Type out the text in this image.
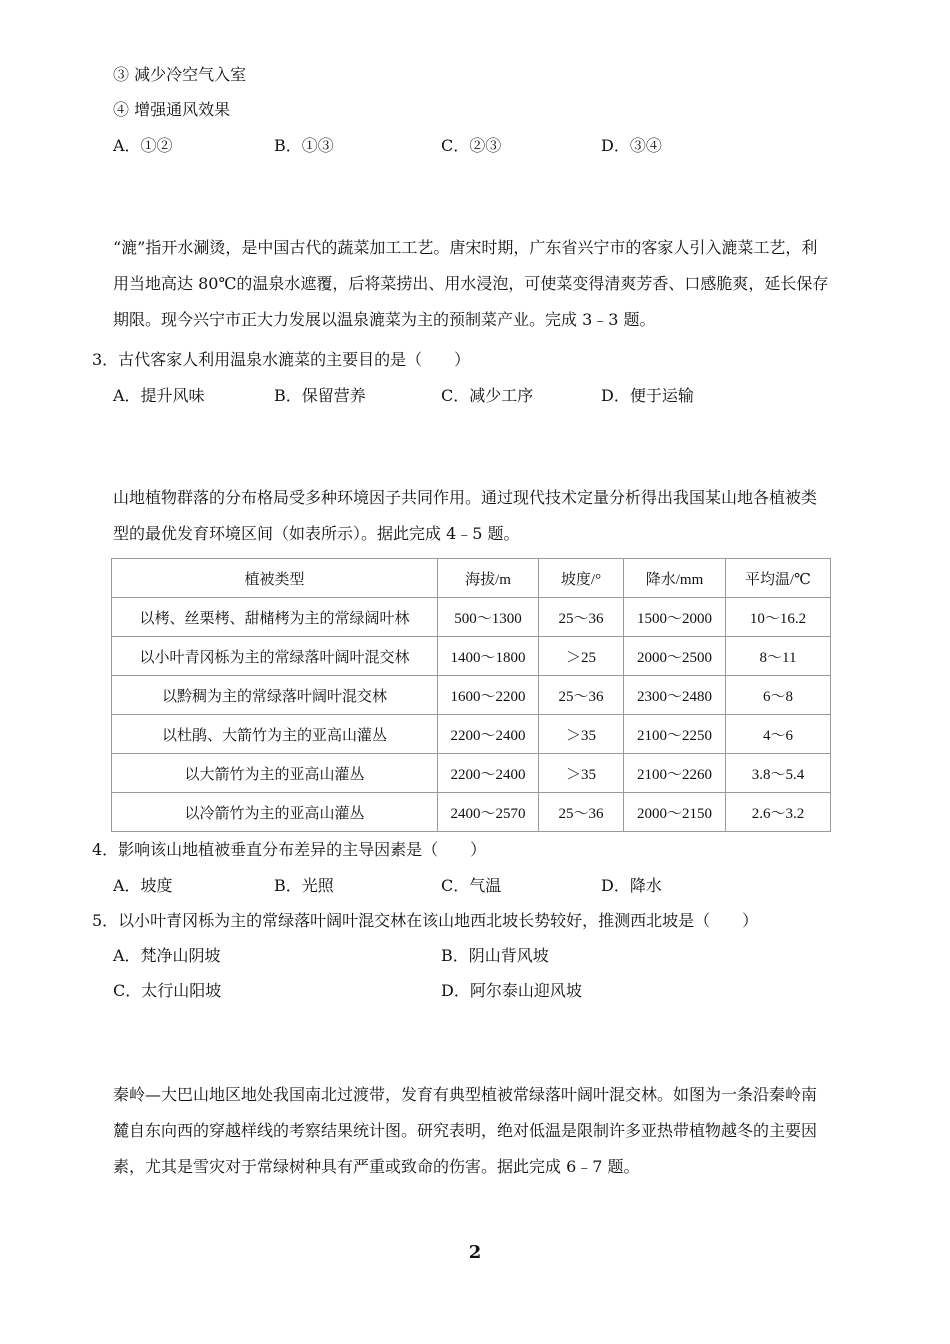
③ 减少冷空气入室
④ 增强通风效果
A．①②	B．①③	C．②③	D．③④

“漉”指开水涮烫，是中国古代的蔬菜加工工艺。唐宋时期，广东省兴宁市的客家人引入漉菜工艺，利

用当地高达 80℃的温泉水遮覆，后将菜捞出、用水浸泡，可使菜变得清爽芳香、口感脆爽，延长保存

期限。现今兴宁市正大力发展以温泉漉菜为主的预制菜产业。完成 3﹣3 题。

3．古代客家人利用温泉水漉菜的主要目的是（　　）
A．提升风味	B．保留营养	C．减少工序	D．便于运输

山地植物群落的分布格局受多种环境因子共同作用。通过现代技术定量分析得出我国某山地各植被类

型的最优发育环境区间（如表所示）。据此完成 4﹣5 题。

植被类型	海拔/m	坡度/°	降水/mm	平均温/℃
以栲、丝栗栲、甜槠栲为主的常绿阔叶林	500～1300	25～36	1500～2000	10～16.2
以小叶青冈栎为主的常绿落叶阔叶混交林	1400～1800	＞25	2000～2500	8～11
以黔稠为主的常绿落叶阔叶混交林	1600～2200	25～36	2300～2480	6～8
以杜鹃、大箭竹为主的亚高山灌丛	2200～2400	＞35	2100～2250	4～6
以大箭竹为主的亚高山灌丛	2200～2400	＞35	2100～2260	3.8～5.4
以冷箭竹为主的亚高山灌丛	2400～2570	25～36	2000～2150	2.6～3.2
4．影响该山地植被垂直分布差异的主导因素是（　　）
A．坡度	B．光照	C．气温	D．降水
5．以小叶青冈栎为主的常绿落叶阔叶混交林在该山地西北坡长势较好，推测西北坡是（　　）
A．梵净山阴坡	B．阴山背风坡
C．太行山阳坡	D．阿尔泰山迎风坡

秦岭—大巴山地区地处我国南北过渡带，发育有典型植被常绿落叶阔叶混交林。如图为一条沿秦岭南

麓自东向西的穿越样线的考察结果统计图。研究表明，绝对低温是限制许多亚热带植物越冬的主要因

素，尤其是雪灾对于常绿树种具有严重或致命的伤害。据此完成 6﹣7 题。

2
